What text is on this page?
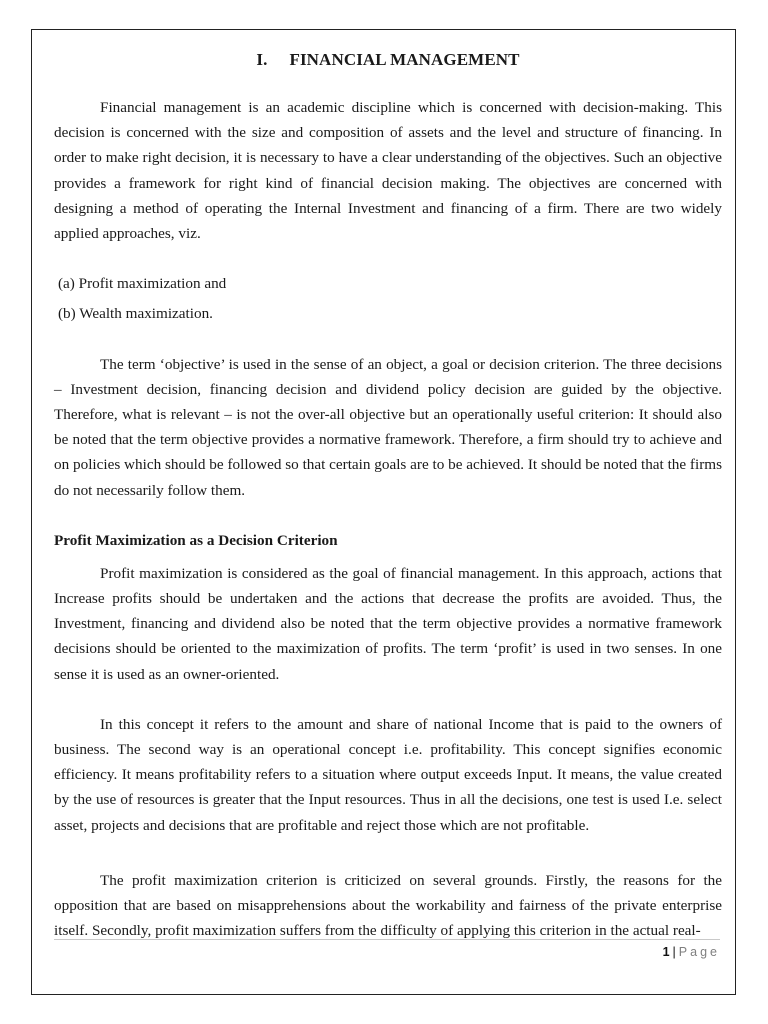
I. FINANCIAL MANAGEMENT

Financial management is an academic discipline which is concerned with decision-making. This decision is concerned with the size and composition of assets and the level and structure of financing. In order to make right decision, it is necessary to have a clear understanding of the objectives. Such an objective provides a framework for right kind of financial decision making. The objectives are concerned with designing a method of operating the Internal Investment and financing of a firm. There are two widely applied approaches, viz.

(a) Profit maximization and

(b) Wealth maximization.

The term ‘objective’ is used in the sense of an object, a goal or decision criterion. The three decisions – Investment decision, financing decision and dividend policy decision are guided by the objective. Therefore, what is relevant – is not the over-all objective but an operationally useful criterion: It should also be noted that the term objective provides a normative framework. Therefore, a firm should try to achieve and on policies which should be followed so that certain goals are to be achieved. It should be noted that the firms do not necessarily follow them.

Profit Maximization as a Decision Criterion

Profit maximization is considered as the goal of financial management. In this approach, actions that Increase profits should be undertaken and the actions that decrease the profits are avoided. Thus, the Investment, financing and dividend also be noted that the term objective provides a normative framework decisions should be oriented to the maximization of profits. The term ‘profit’ is used in two senses. In one sense it is used as an owner-oriented.

In this concept it refers to the amount and share of national Income that is paid to the owners of business. The second way is an operational concept i.e. profitability. This concept signifies economic efficiency. It means profitability refers to a situation where output exceeds Input. It means, the value created by the use of resources is greater that the Input resources. Thus in all the decisions, one test is used I.e. select asset, projects and decisions that are profitable and reject those which are not profitable.

The profit maximization criterion is criticized on several grounds. Firstly, the reasons for the opposition that are based on misapprehensions about the workability and fairness of the private enterprise itself. Secondly, profit maximization suffers from the difficulty of applying this criterion in the actual real-

1 | Page
